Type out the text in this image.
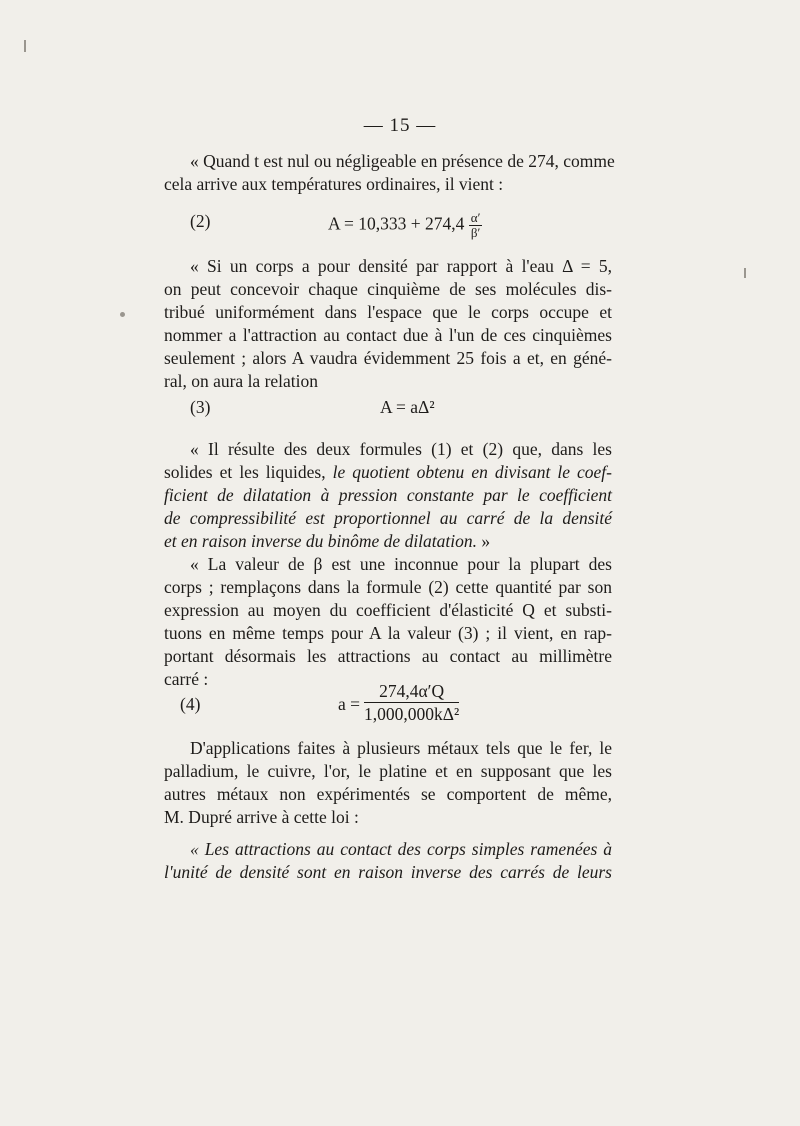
— 15 —
« Quand t est nul ou négligeable en présence de 274, comme
cela arrive aux températures ordinaires, il vient :
(2)	$A = 10,333 + 274,4 \frac{\alpha'}{\beta'}$
« Si un corps a pour densité par rapport à l'eau Δ = 5,
on peut concevoir chaque cinquième de ses molécules dis-
tribué uniformément dans l'espace que le corps occupe et
nommer a l'attraction au contact due à l'un de ces cinquièmes
seulement ; alors A vaudra évidemment 25 fois a et, en géné-
ral, on aura la relation
(3)	A = aΔ²
« Il résulte des deux formules (1) et (2) que, dans les
solides et les liquides, le quotient obtenu en divisant le coef-
ficient de dilatation à pression constante par le coefficient
de compressibilité est proportionnel au carré de la densité
et en raison inverse du binôme de dilatation. »
« La valeur de β est une inconnue pour la plupart des
corps ; remplaçons dans la formule (2) cette quantité par son
expression au moyen du coefficient d'élasticité Q et substi-
tuons en même temps pour A la valeur (3) ; il vient, en rap-
portant désormais les attractions au contact au millimètre
carré :
(4)	$a = \frac{274,4\alpha'Q}{\text{1,000,000kΔ²}}$
D'applications faites à plusieurs métaux tels que le fer, le
palladium, le cuivre, l'or, le platine et en supposant que les
autres métaux non expérimentés se comportent de même,
M. Dupré arrive à cette loi :
« Les attractions au contact des corps simples ramenées à
l'unité de densité sont en raison inverse des carrés de leurs
